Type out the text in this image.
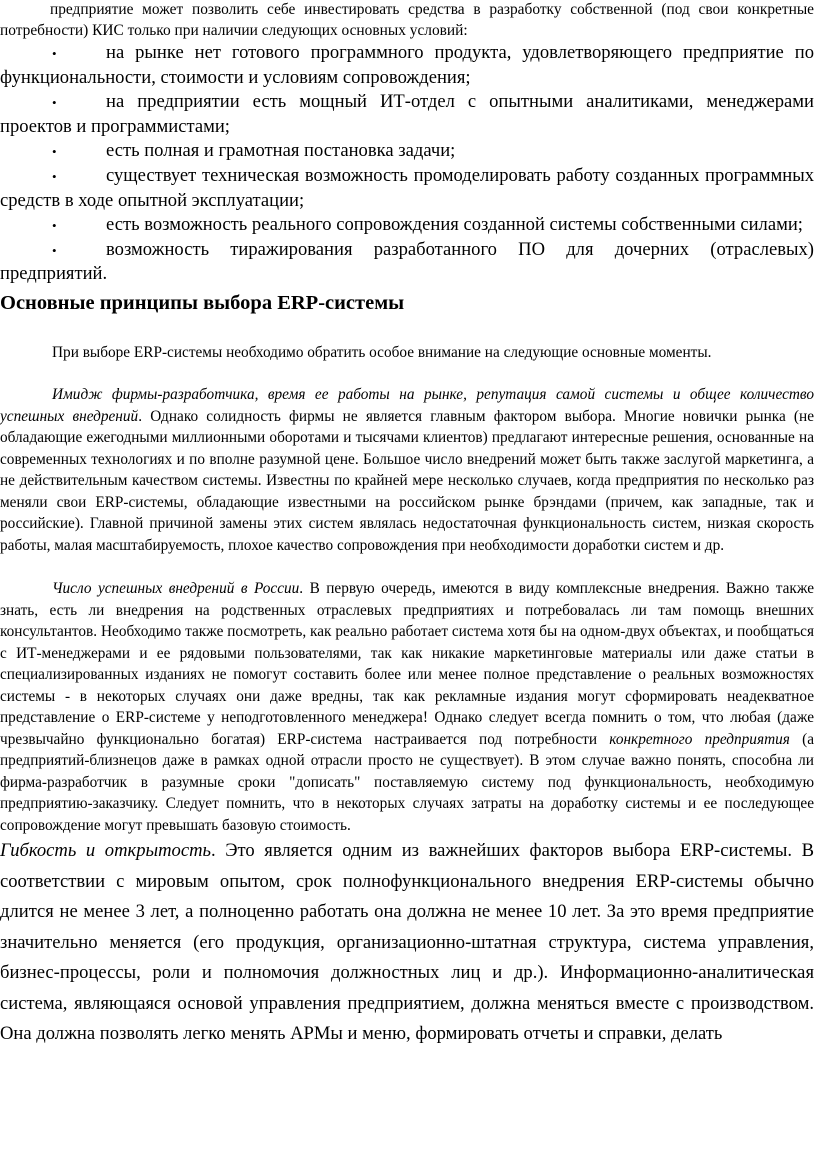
предприятие может позволить себе инвестировать средства в разработку собственной (под свои конкретные потребности) КИС только при наличии следующих основных условий:

• на рынке нет готового программного продукта, удовлетворяющего предприятие по функциональности, стоимости и условиям сопровождения;
• на предприятии есть мощный ИТ-отдел с опытными аналитиками, менеджерами проектов и программистами;
• есть полная и грамотная постановка задачи;
• существует техническая возможность промоделировать работу созданных программных средств в ходе опытной эксплуатации;
• есть возможность реального сопровождения созданной системы собственными силами;
• возможность тиражирования разработанного ПО для дочерних (отраслевых) предприятий.
Основные принципы выбора ERP-системы

При выборе ERP-системы необходимо обратить особое внимание на следующие основные моменты.

Имидж фирмы-разработчика, время ее работы на рынке, репутация самой системы и общее количество успешных внедрений. Однако солидность фирмы не является главным фактором выбора. Многие новички рынка (не обладающие ежегодными миллионными оборотами и тысячами клиентов) предлагают интересные решения, основанные на современных технологиях и по вполне разумной цене. Большое число внедрений может быть также заслугой маркетинга, а не действительным качеством системы. Известны по крайней мере несколько случаев, когда предприятия по несколько раз меняли свои ERP-системы, обладающие известными на российском рынке брэндами (причем, как западные, так и российские). Главной причиной замены этих систем являлась недостаточная функциональность систем, низкая скорость работы, малая масштабируемость, плохое качество сопровождения при необходимости доработки систем и др.

Число успешных внедрений в России. В первую очередь, имеются в виду комплексные внедрения. Важно также знать, есть ли внедрения на родственных отраслевых предприятиях и потребовалась ли там помощь внешних консультантов. Необходимо также посмотреть, как реально работает система хотя бы на одном-двух объектах, и пообщаться с ИТ-менеджерами и ее рядовыми пользователями, так как никакие маркетинговые материалы или даже статьи в специализированных изданиях не помогут составить более или менее полное представление о реальных возможностях системы - в некоторых случаях они даже вредны, так как рекламные издания могут сформировать неадекватное представление о ERP-системе у неподготовленного менеджера! Однако следует всегда помнить о том, что любая (даже чрезвычайно функционально богатая) ERP-система настраивается под потребности конкретного предприятия (а предприятий-близнецов даже в рамках одной отрасли просто не существует). В этом случае важно понять, способна ли фирма-разработчик в разумные сроки "дописать" поставляемую систему под функциональность, необходимую предприятию-заказчику. Следует помнить, что в некоторых случаях затраты на доработку системы и ее последующее сопровождение могут превышать базовую стоимость.

Гибкость и открытость. Это является одним из важнейших факторов выбора ERP-системы. В соответствии с мировым опытом, срок полнофункционального внедрения ERP-системы обычно длится не менее 3 лет, а полноценно работать она должна не менее 10 лет. За это время предприятие значительно меняется (его продукция, организационно-штатная структура, система управления, бизнес-процессы, роли и полномочия должностных лиц и др.). Информационно-аналитическая система, являющаяся основой управления предприятием, должна меняться вместе с производством. Она должна позволять легко менять АРМы и меню, формировать отчеты и справки, делать
